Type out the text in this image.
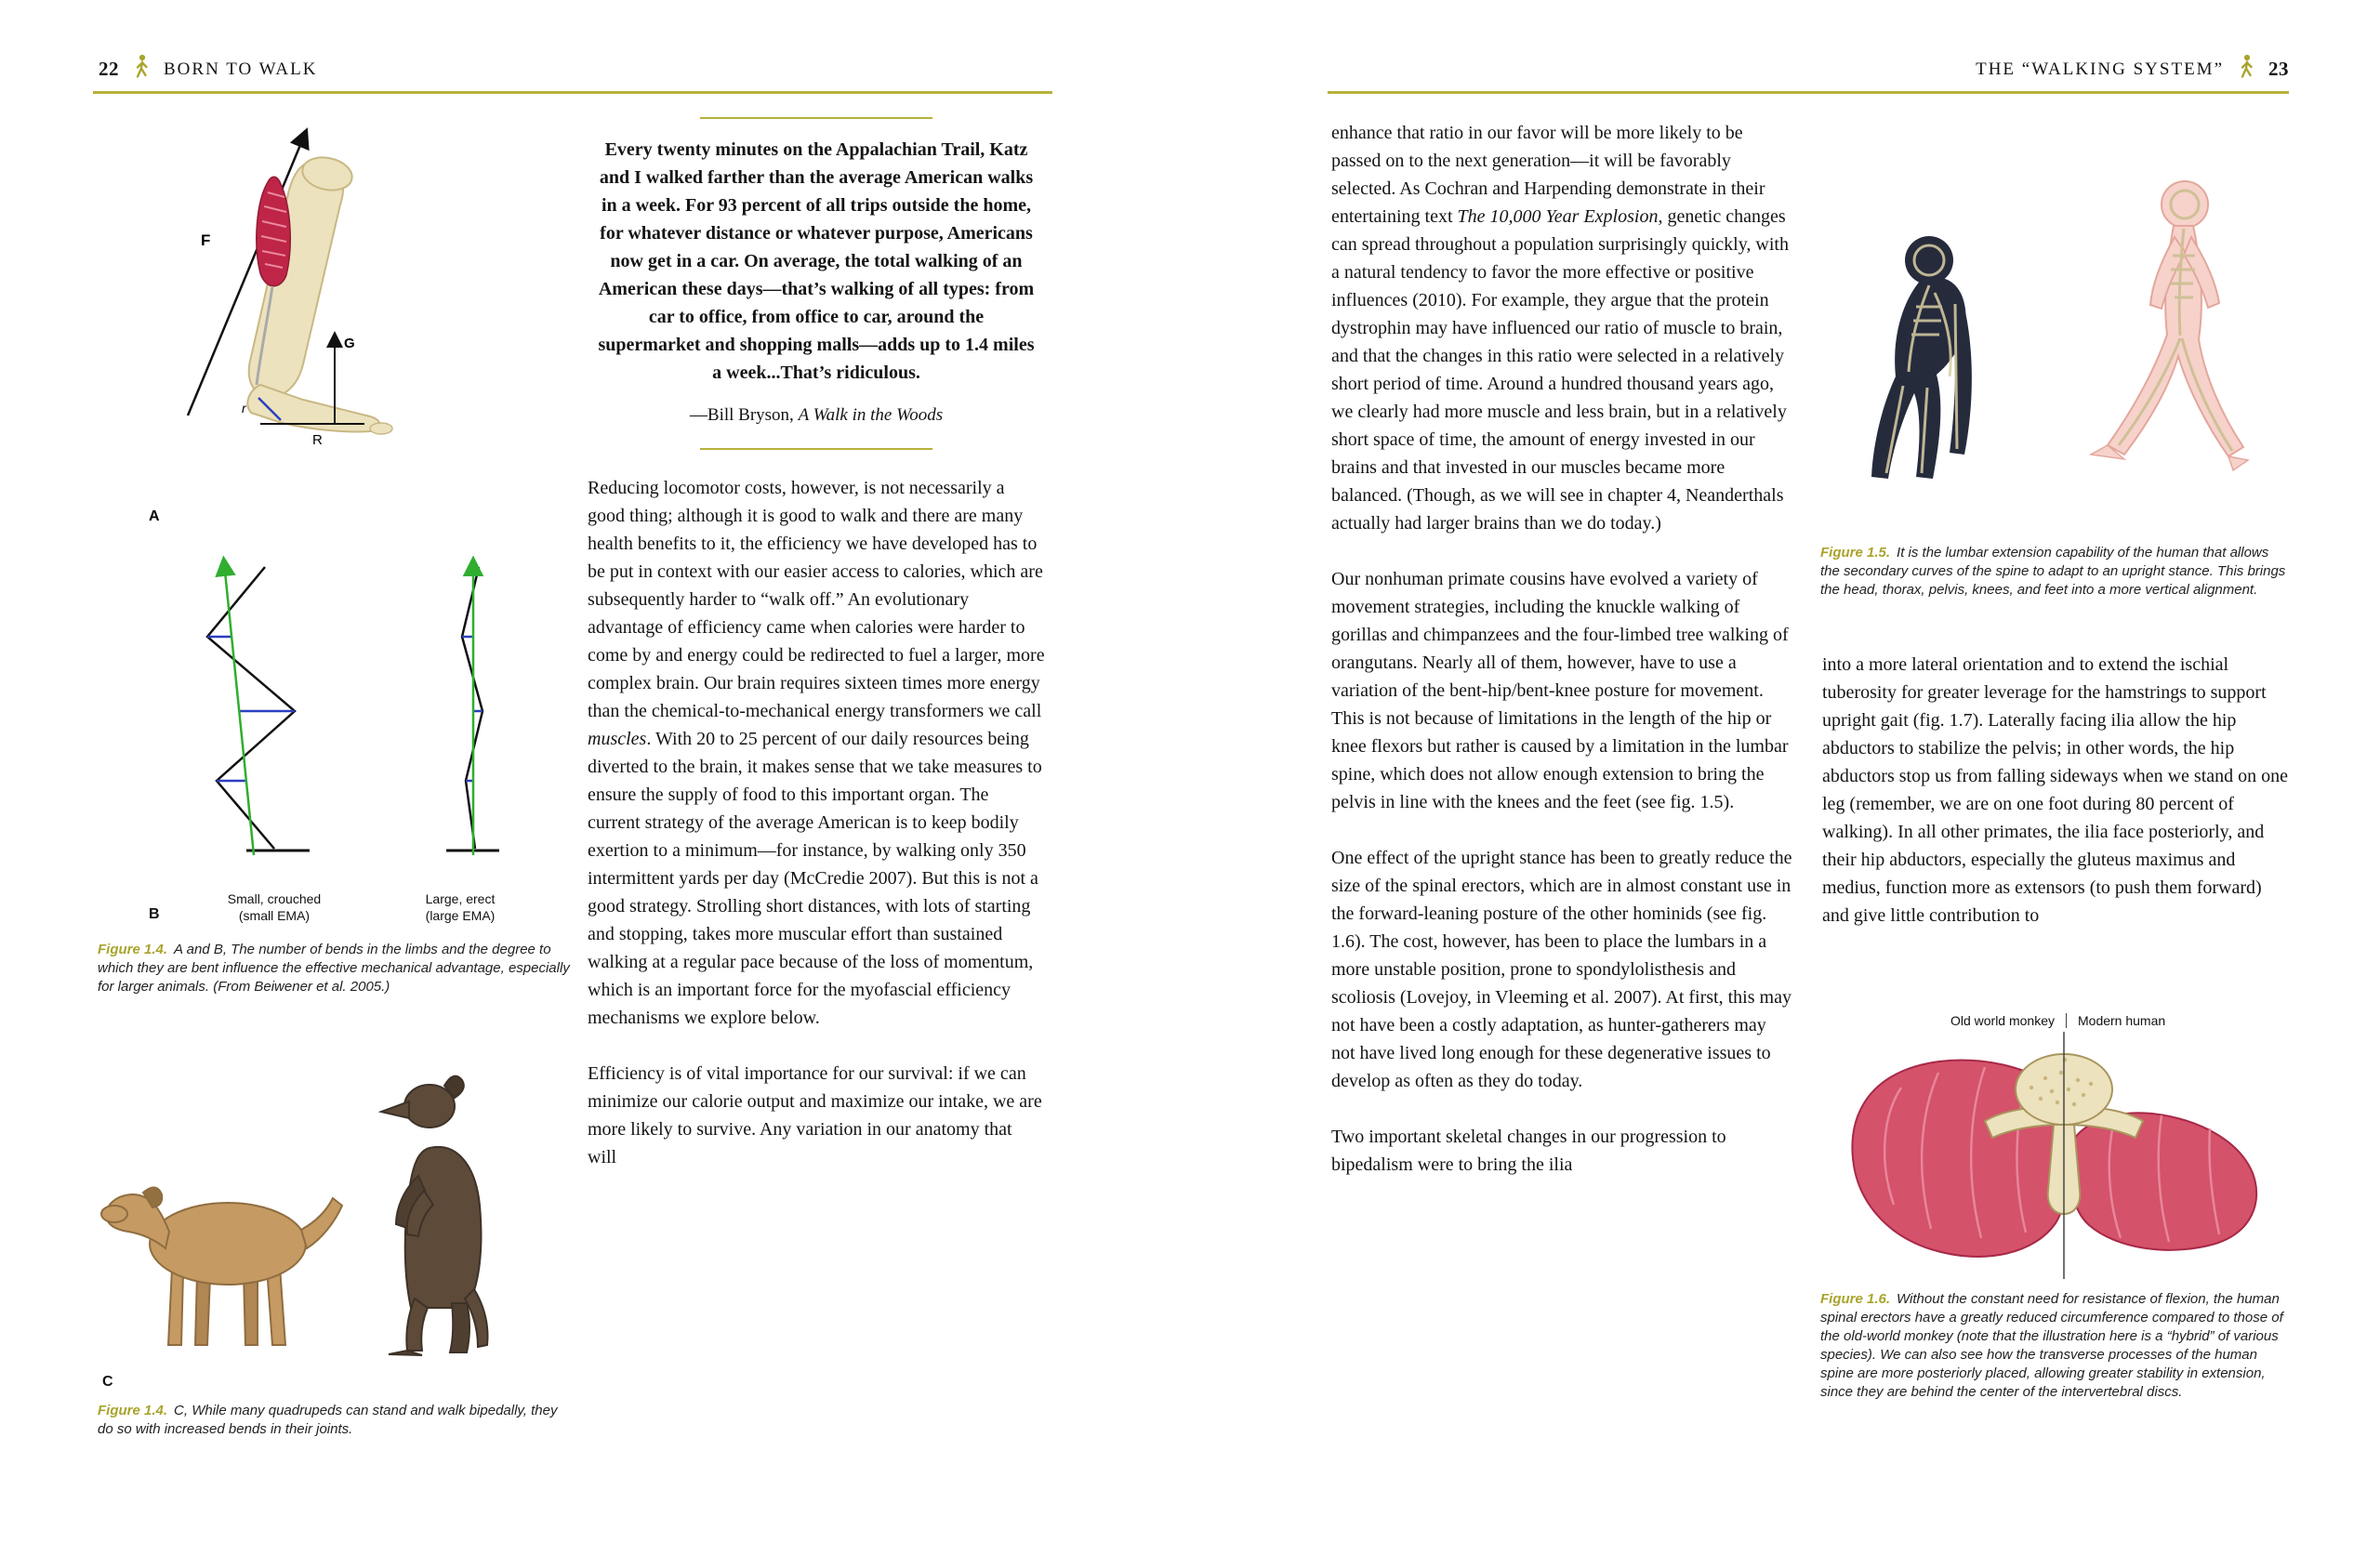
22	BORN TO WALK
F
G
R
r
A
Small, crouched
(small EMA)
Large, erect
(large EMA)
B
Figure 1.4. A and B, The number of bends in the limbs and the degree to which they are bent influence the effective mechanical advantage, especially for larger animals. (From Beiwener et al. 2005.)
C
Figure 1.4. C, While many quadrupeds can stand and walk bipedally, they do so with increased bends in their joints.
Every twenty minutes on the Appalachian Trail, Katz and I walked farther than the average American walks in a week. For 93 percent of all trips outside the home, for whatever distance or whatever purpose, Americans now get in a car. On average, the total walking of an American these days—that’s walking of all types: from car to office, from office to car, around the supermarket and shopping malls—adds up to 1.4 miles a week...That’s ridiculous.
—Bill Bryson, A Walk in the Woods

Reducing locomotor costs, however, is not necessarily a good thing; although it is good to walk and there are many health benefits to it, the efficiency we have developed has to be put in context with our easier access to calories, which are subsequently harder to “walk off.” An evolutionary advantage of efficiency came when calories were harder to come by and energy could be redirected to fuel a larger, more complex brain. Our brain requires sixteen times more energy than the chemical-to-mechanical energy transformers we call muscles. With 20 to 25 percent of our daily resources being diverted to the brain, it makes sense that we take measures to ensure the supply of food to this important organ. The current strategy of the average American is to keep bodily exertion to a minimum—for instance, by walking only 350 intermittent yards per day (McCredie 2007). But this is not a good strategy. Strolling short distances, with lots of starting and stopping, takes more muscular effort than sustained walking at a regular pace because of the loss of momentum, which is an important force for the myofascial efficiency mechanisms we explore below.

Efficiency is of vital importance for our survival: if we can minimize our calorie output and maximize our intake, we are more likely to survive. Any variation in our anatomy that will

THE “WALKING SYSTEM” 23

enhance that ratio in our favor will be more likely to be passed on to the next generation—it will be favorably selected. As Cochran and Harpending demonstrate in their entertaining text The 10,000 Year Explosion, genetic changes can spread throughout a population surprisingly quickly, with a natural tendency to favor the more effective or positive influences (2010). For example, they argue that the protein dystrophin may have influenced our ratio of muscle to brain, and that the changes in this ratio were selected in a relatively short period of time. Around a hundred thousand years ago, we clearly had more muscle and less brain, but in a relatively short space of time, the amount of energy invested in our brains and that invested in our muscles became more balanced. (Though, as we will see in chapter 4, Neanderthals actually had larger brains than we do today.)

Our nonhuman primate cousins have evolved a variety of movement strategies, including the knuckle walking of gorillas and chimpanzees and the four-limbed tree walking of orangutans. Nearly all of them, however, have to use a variation of the bent-hip/bent-knee posture for movement. This is not because of limitations in the length of the hip or knee flexors but rather is caused by a limitation in the lumbar spine, which does not allow enough extension to bring the pelvis in line with the knees and the feet (see fig. 1.5).

One effect of the upright stance has been to greatly reduce the size of the spinal erectors, which are in almost constant use in the forward-leaning posture of the other hominids (see fig. 1.6). The cost, however, has been to place the lumbars in a more unstable position, prone to spondylolisthesis and scoliosis (Lovejoy, in Vleeming et al. 2007). At first, this may not have been a costly adaptation, as hunter-gatherers may not have lived long enough for these degenerative issues to develop as often as they do today.

Two important skeletal changes in our progression to bipedalism were to bring the ilia

Figure 1.5. It is the lumbar extension capability of the human that allows the secondary curves of the spine to adapt to an upright stance. This brings the head, thorax, pelvis, knees, and feet into a more vertical alignment.

into a more lateral orientation and to extend the ischial tuberosity for greater leverage for the hamstrings to support upright gait (fig. 1.7). Laterally facing ilia allow the hip abductors to stabilize the pelvis; in other words, the hip abductors stop us from falling sideways when we stand on one leg (remember, we are on one foot during 80 percent of walking). In all other primates, the ilia face posteriorly, and their hip abductors, especially the gluteus maximus and medius, function more as extensors (to push them forward) and give little contribution to

Old world monkey	Modern human
Figure 1.6. Without the constant need for resistance of flexion, the human spinal erectors have a greatly reduced circumference compared to those of the old-world monkey (note that the illustration here is a “hybrid” of various species). We can also see how the transverse processes of the human spine are more posteriorly placed, allowing greater stability in extension, since they are behind the center of the intervertebral discs.
